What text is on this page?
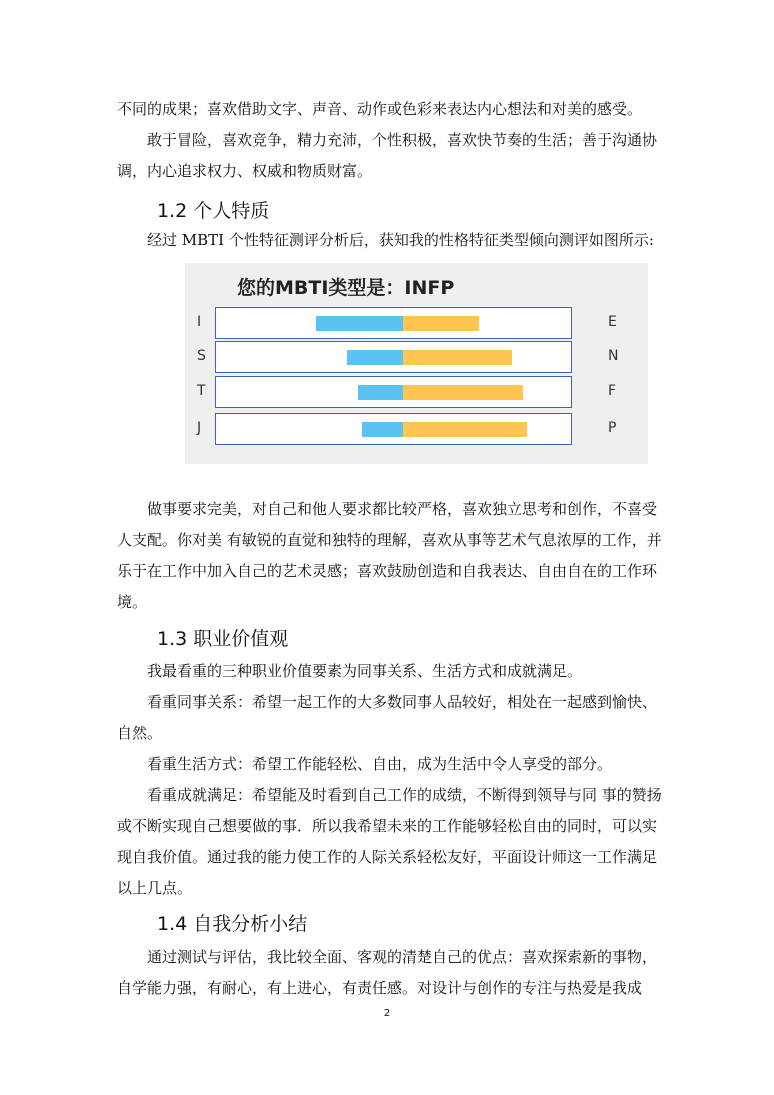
不同的成果；喜欢借助文字、声音、动作或色彩来表达内心想法和对美的感受。

　　敢于冒险，喜欢竞争，精力充沛，个性积极，喜欢快节奏的生活；善于沟通协调，内心追求权力、权威和物质财富。

1.2 个人特质

　　经过 MBTI 个性特征测评分析后，获知我的性格特征类型倾向测评如图所示:

您的MBTI类型是：INFP
I	E
S	N
T	F
J	P

　　做事要求完美，对自己和他人要求都比较严格，喜欢独立思考和创作，不喜受人支配。你对美 有敏锐的直觉和独特的理解，喜欢从事等艺术气息浓厚的工作，并乐于在工作中加入自己的艺术灵感；喜欢鼓励创造和自我表达、自由自在的工作环境。

1.3 职业价值观

　　我最看重的三种职业价值要素为同事关系、生活方式和成就满足。

　　看重同事关系：希望一起工作的大多数同事人品较好，相处在一起感到愉快、自然。

　　看重生活方式：希望工作能轻松、自由，成为生活中令人享受的部分。

　　看重成就满足：希望能及时看到自己工作的成绩，不断得到领导与同 事的赞扬或不断实现自己想要做的事．所以我希望未来的工作能够轻松自由的同时，可以实现自我价值。通过我的能力使工作的人际关系轻松友好，平面设计师这一工作满足以上几点。

1.4 自我分析小结

　　通过测试与评估，我比较全面、客观的清楚自己的优点：喜欢探索新的事物，自学能力强，有耐心，有上进心，有责任感。对设计与创作的专注与热爱是我成

2
